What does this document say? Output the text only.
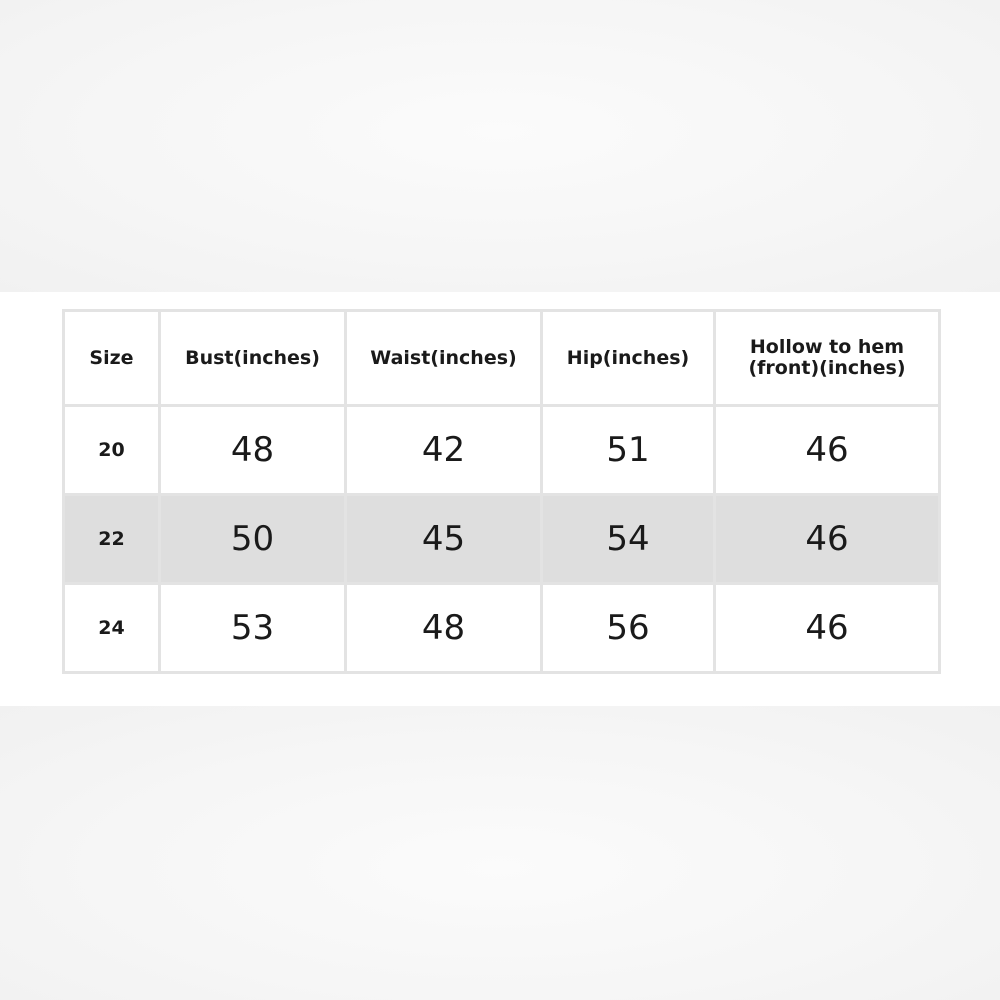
Size	Bust(inches)	Waist(inches)	Hip(inches)	Hollow to hem
(front)(inches)
20	48	42	51	46
22	50	45	54	46
24	53	48	56	46
